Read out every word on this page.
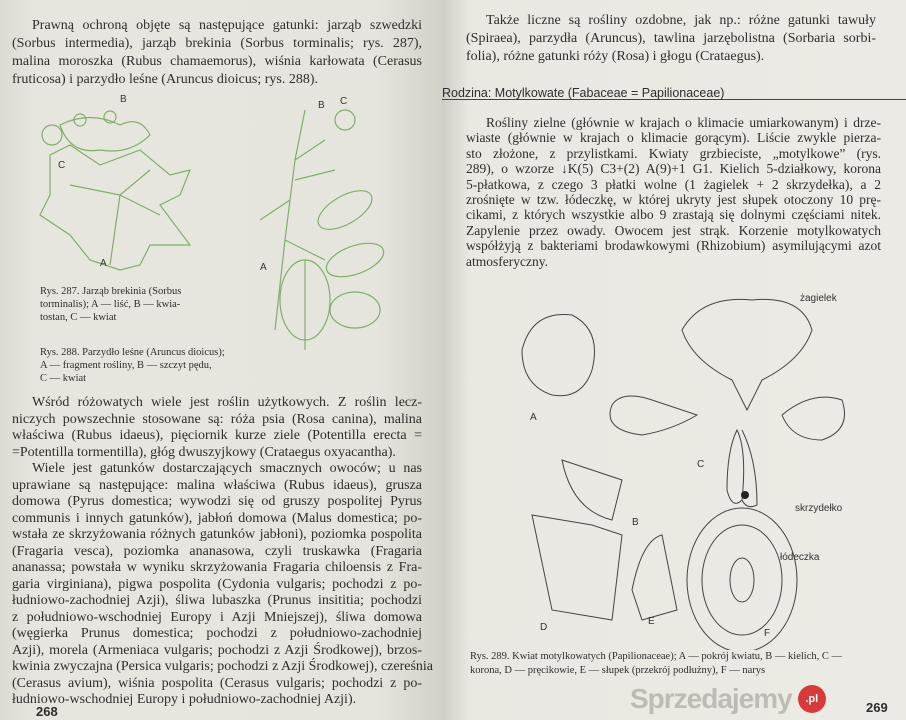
Prawną ochroną objęte są następujące gatunki: jarząb szwedzki
(Sorbus intermedia), jarząb brekinia (Sorbus torminalis; rys. 287),
malina moroszka (Rubus chamaemorus), wiśnia karłowata (Cerasus
fruticosa) i parzydło leśne (Aruncus dioicus; rys. 288).
A
B
C
A
B C
Rys. 287. Jarząb brekinia (Sorbus
torminalis); A — liść, B — kwia-
tostan, C — kwiat
Rys. 288. Parzydło leśne (Aruncus dioicus);
A — fragment rośliny, B — szczyt pędu,
C — kwiat
Wśród różowatych wiele jest roślin użytkowych. Z roślin lecz-
niczych powszechnie stosowane są: róża psia (Rosa canina), malina
właściwa (Rubus idaeus), pięciornik kurze ziele (Potentilla erecta =
=Potentilla tormentilla), głóg dwuszyjkowy (Crataegus oxyacantha).
Wiele jest gatunków dostarczających smacznych owoców; u nas
uprawiane są następujące: malina właściwa (Rubus idaeus), grusza
domowa (Pyrus domestica; wywodzi się od gruszy pospolitej Pyrus
communis i innych gatunków), jabłoń domowa (Malus domestica; po-
wstała ze skrzyżowania różnych gatunków jabłoni), poziomka pospolita
(Fragaria vesca), poziomka ananasowa, czyli truskawka (Fragaria
ananassa; powstała w wyniku skrzyżowania Fragaria chiloensis z Fra-
garia virginiana), pigwa pospolita (Cydonia vulgaris; pochodzi z po-
łudniowo-zachodniej Azji), śliwa lubaszka (Prunus insititia; pochodzi
z południowo-wschodniej Europy i Azji Mniejszej), śliwa domowa
(węgierka Prunus domestica; pochodzi z południowo-zachodniej
Azji), morela (Armeniaca vulgaris; pochodzi z Azji Środkowej), brzos-
kwinia zwyczajna (Persica vulgaris; pochodzi z Azji Środkowej), czereśnia
(Cerasus avium), wiśnia pospolita (Cerasus vulgaris; pochodzi z po-
łudniowo-wschodniej Europy i południowo-zachodniej Azji).
268
Także liczne są rośliny ozdobne, jak np.: różne gatunki tawuły
(Spiraea), parzydła (Aruncus), tawlina jarzębolistna (Sorbaria sorbi-
folia), różne gatunki róży (Rosa) i głogu (Crataegus).
Rodzina: Motylkowate (Fabaceae = Papilionaceae)
Rośliny zielne (głównie w krajach o klimacie umiarkowanym) i drze-
wiaste (głównie w krajach o klimacie gorącym). Liście zwykle pierza-
sto złożone, z przylistkami. Kwiaty grzbieciste, „motylkowe” (rys.
289), o wzorze ↓K(5) C3+(2) A(9)+1 G1. Kielich 5-działkowy, korona
5-płatkowa, z czego 3 płatki wolne (1 żagielek + 2 skrzydełka), a 2
zrośnięte w tzw. łódeczkę, w której ukryty jest słupek otoczony 10 prę-
cikami, z których wszystkie albo 9 zrastają się dolnymi częściami nitek.
Zapylenie przez owady. Owocem jest strąk. Korzenie motylkowatych
współżyją z bakteriami brodawkowymi (Rhizobium) asymilującymi azot
atmosferyczny.
żagielek
skrzydełko
łódeczka
A
B
C
D
E
F
Rys. 289. Kwiat motylkowatych (Papilionaceae); A — pokrój kwiatu, B — kielich, C —
korona, D — pręcikowie, E — słupek (przekrój podłużny), F — narys
269
Sprzedajemy	.pl
